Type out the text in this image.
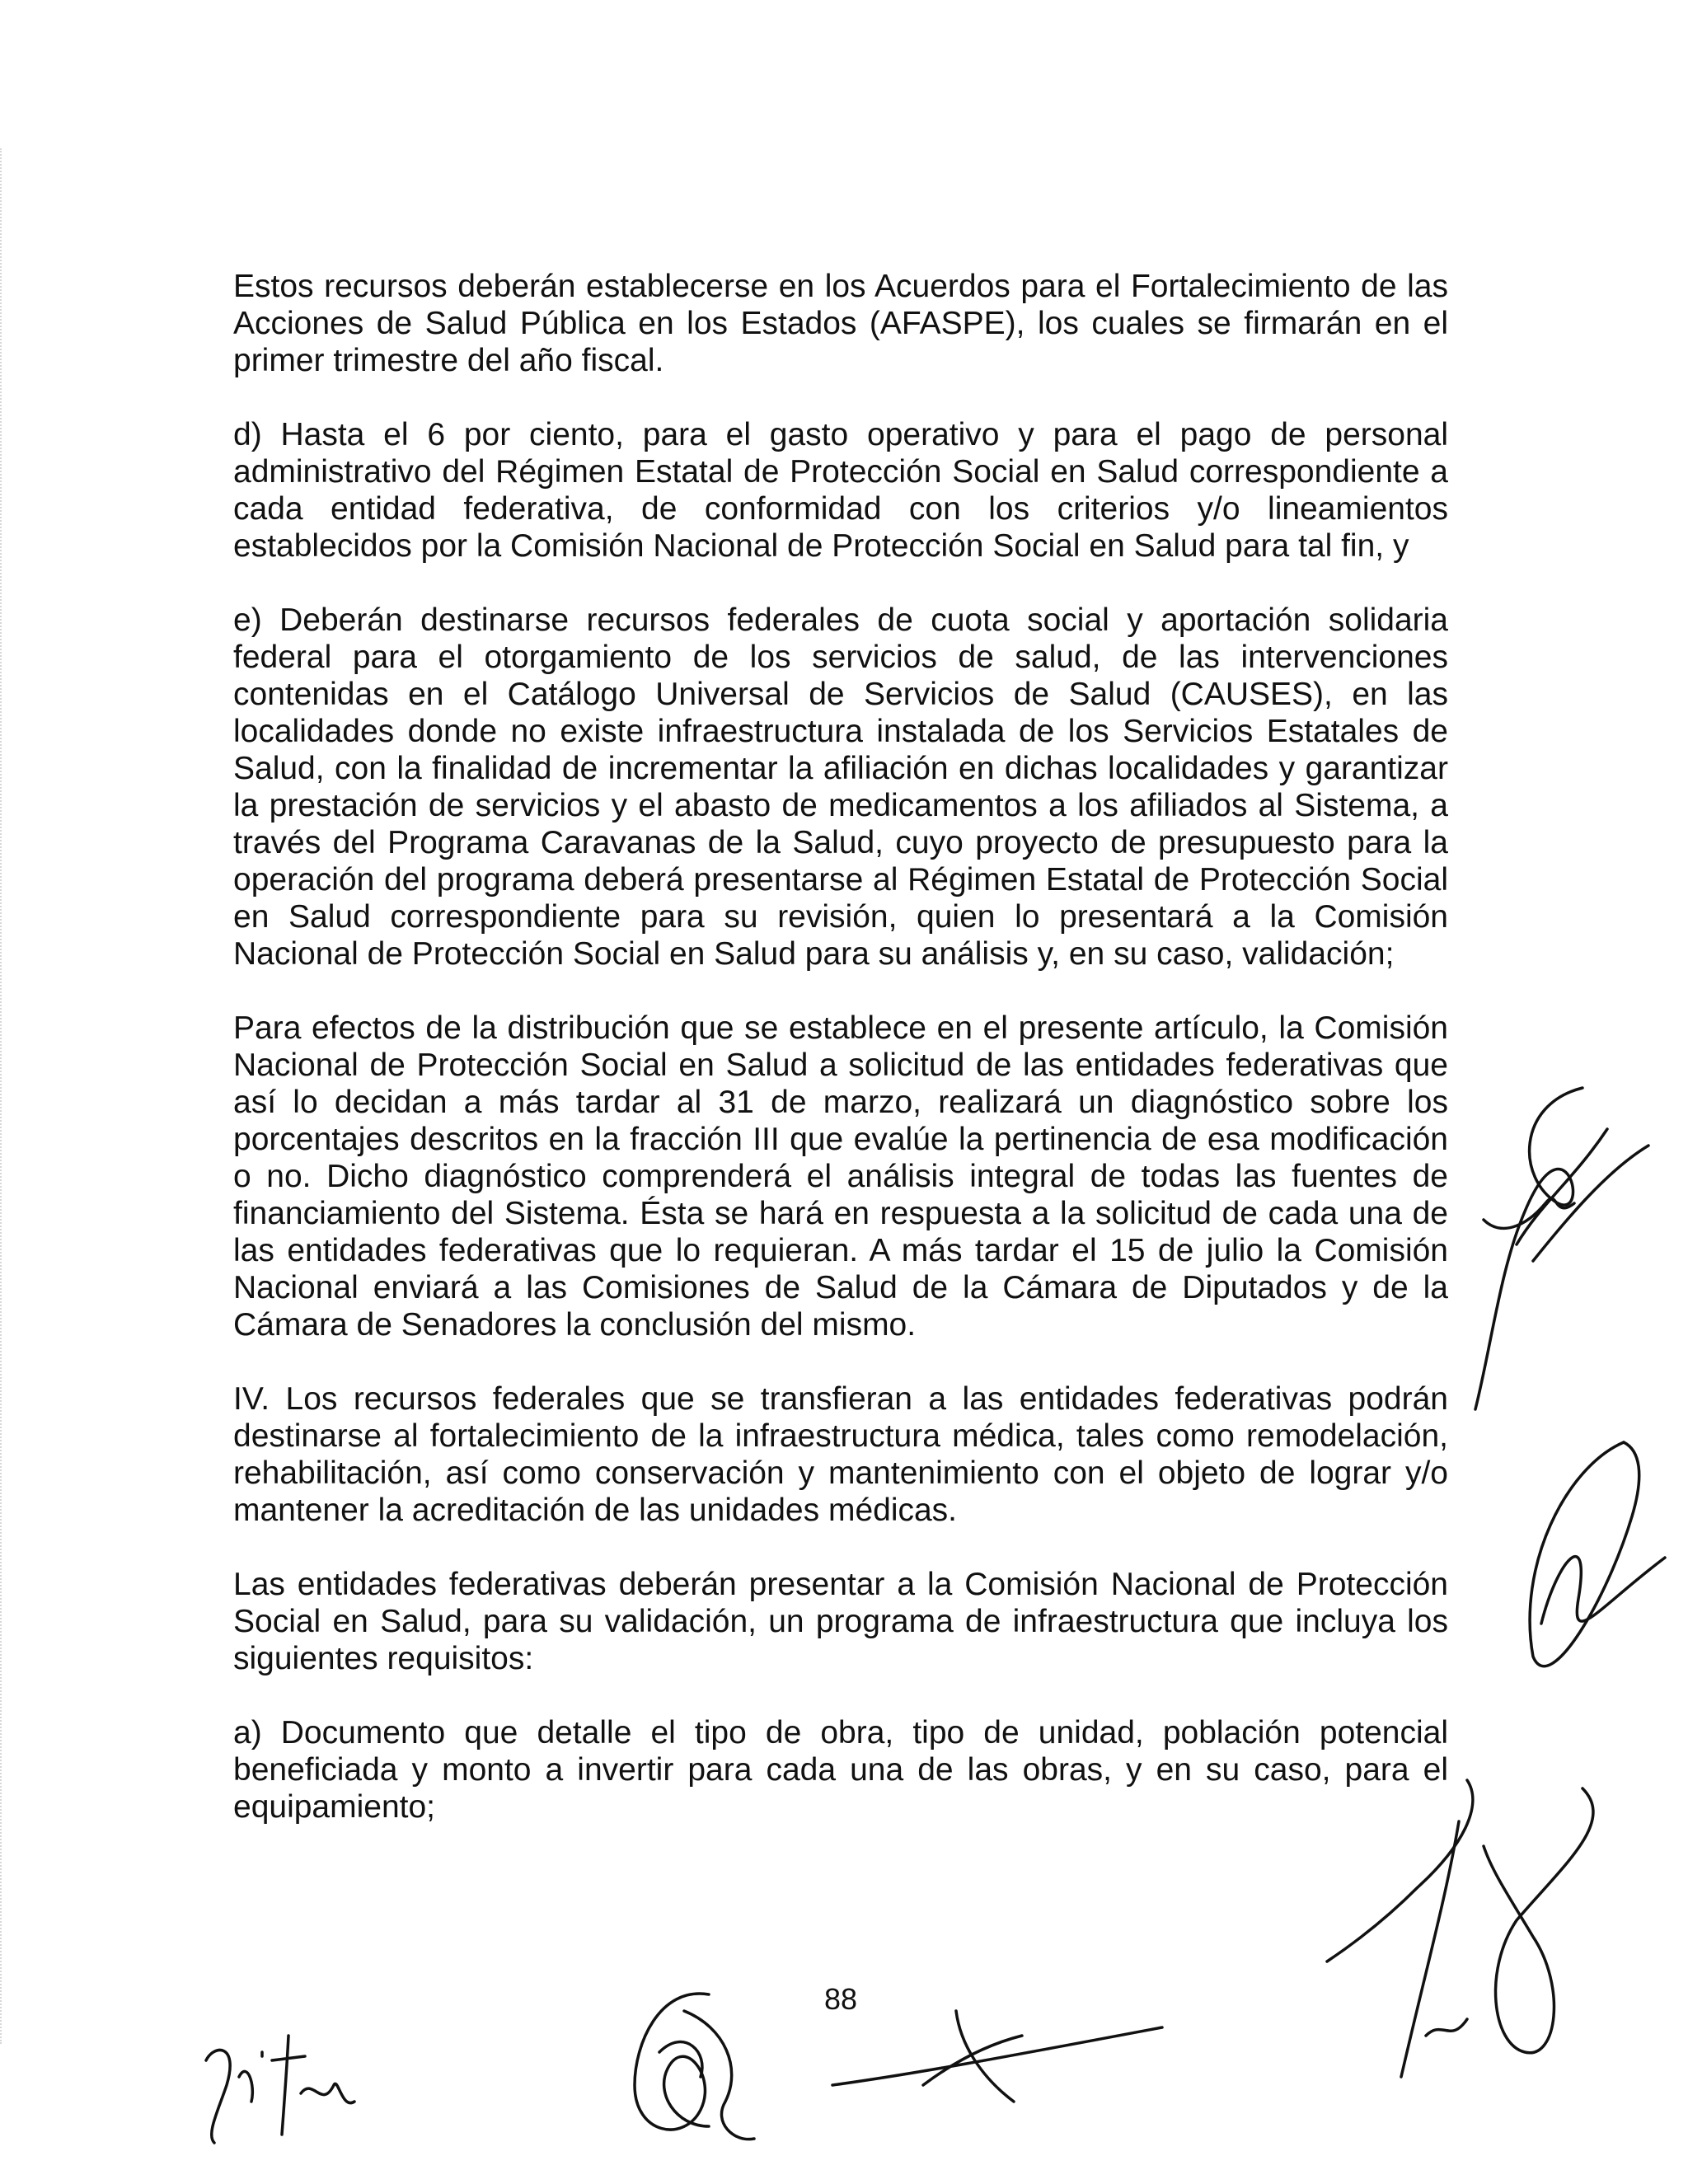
Estos recursos deberán establecerse en los Acuerdos para el Fortalecimiento de las Acciones de Salud Pública en los Estados (AFASPE), los cuales se firmarán en el primer trimestre del año fiscal.

d) Hasta el 6 por ciento, para el gasto operativo y para el pago de personal administrativo del Régimen Estatal de Protección Social en Salud correspondiente a cada entidad federativa, de conformidad con los criterios y/o lineamientos establecidos por la Comisión Nacional de Protección Social en Salud para tal fin, y

e) Deberán destinarse recursos federales de cuota social y aportación solidaria federal para el otorgamiento de los servicios de salud, de las intervenciones contenidas en el Catálogo Universal de Servicios de Salud (CAUSES), en las localidades donde no existe infraestructura instalada de los Servicios Estatales de Salud, con la finalidad de incrementar la afiliación en dichas localidades y garantizar la prestación de servicios y el abasto de medicamentos a los afiliados al Sistema, a través del Programa Caravanas de la Salud, cuyo proyecto de presupuesto para la operación del programa deberá presentarse al Régimen Estatal de Protección Social en Salud correspondiente para su revisión, quien lo presentará a la Comisión Nacional de Protección Social en Salud para su análisis y, en su caso, validación;

Para efectos de la distribución que se establece en el presente artículo, la Comisión Nacional de Protección Social en Salud a solicitud de las entidades federativas que así lo decidan a más tardar al 31 de marzo, realizará un diagnóstico sobre los porcentajes descritos en la fracción III que evalúe la pertinencia de esa modificación o no. Dicho diagnóstico comprenderá el análisis integral de todas las fuentes de financiamiento del Sistema. Ésta se hará en respuesta a la solicitud de cada una de las entidades federativas que lo requieran. A más tardar el 15 de julio la Comisión Nacional enviará a las Comisiones de Salud de la Cámara de Diputados y de la Cámara de Senadores la conclusión del mismo.

IV. Los recursos federales que se transfieran a las entidades federativas podrán destinarse al fortalecimiento de la infraestructura médica, tales como remodelación, rehabilitación, así como conservación y mantenimiento con el objeto de lograr y/o mantener la acreditación de las unidades médicas.

Las entidades federativas deberán presentar a la Comisión Nacional de Protección Social en Salud, para su validación, un programa de infraestructura que incluya los siguientes requisitos:

a) Documento que detalle el tipo de obra, tipo de unidad, población potencial beneficiada y monto a invertir para cada una de las obras, y en su caso, para el equipamiento;

88
